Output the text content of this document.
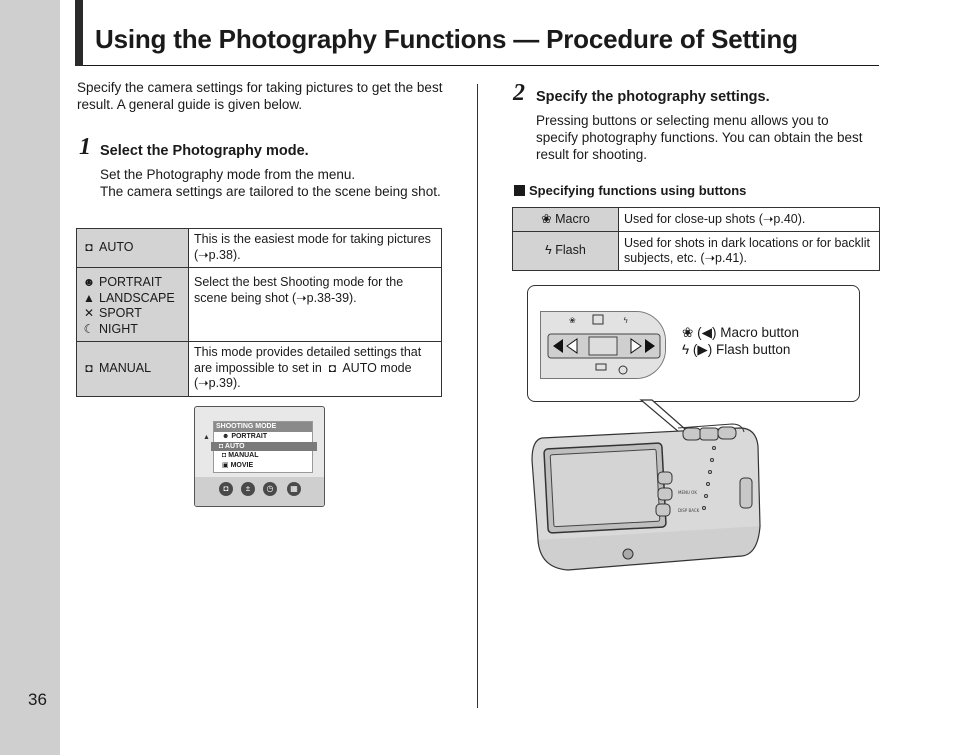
36
Using the Photography Functions — Procedure of Setting

Specify the camera settings for taking pictures to get the best result. A general guide is given below.

1 Select the Photography mode.
Set the Photography mode from the menu.
The camera settings are tailored to the scene being shot.
◘ AUTO	This is the easiest mode for taking pictures (➝p.38).

☻ PORTRAIT
▲ LANDSCAPE
✕ SPORT
☾ NIGHT	Select the best Shooting mode for the scene being shot (➝p.38-39).
◘ MANUAL	This mode provides detailed settings that are impossible to set in ◘ AUTO mode (➝p.39).
▲
SHOOTING MODE
☻ PORTRAIT
◘ AUTO
◘ MANUAL
▣ MOVIE
◘	±	◷	▦
2 Specify the photography settings.

Pressing buttons or selecting menu allows you to specify photography functions. You can obtain the best result for shooting.

Specifying functions using buttons
❀ Macro	Used for close-up shots (➝p.40).
ϟ Flash	Used for shots in dark locations or for backlit subjects, etc. (➝p.41).
❀	ϟ
❀ (◀) Macro button
ϟ (▶) Flash button
MENU OK
DISP BACK
